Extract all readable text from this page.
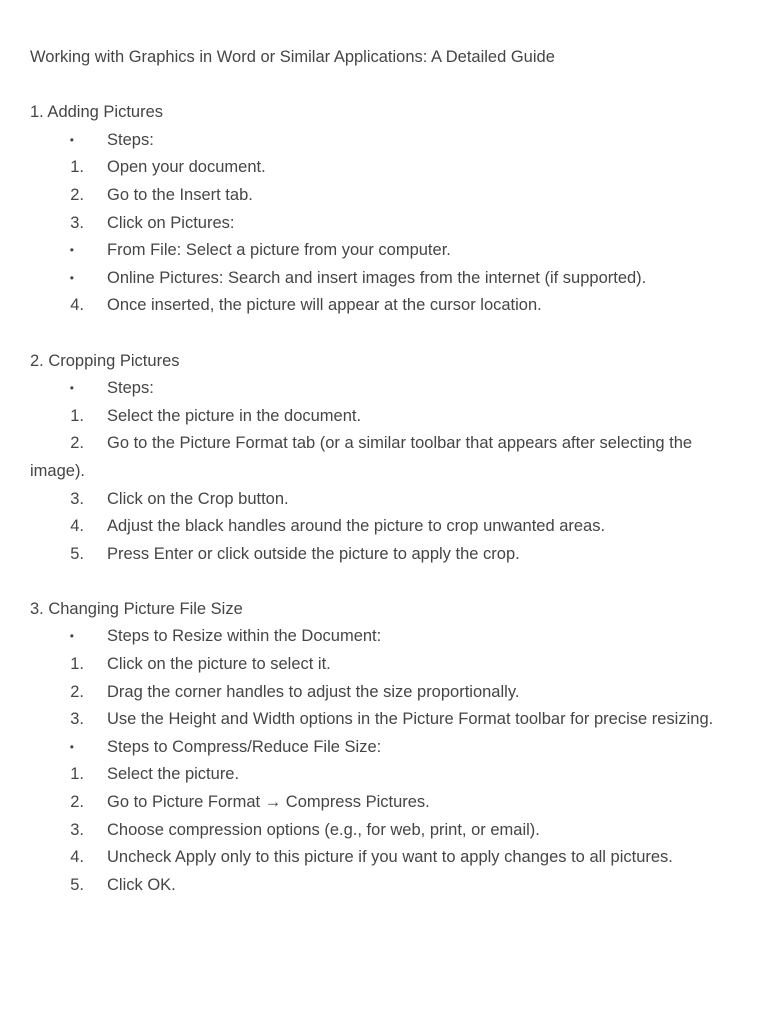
Working with Graphics in Word or Similar Applications: A Detailed Guide
1. Adding Pictures
• Steps:
1. Open your document.
2. Go to the Insert tab.
3. Click on Pictures:
• From File: Select a picture from your computer.
• Online Pictures: Search and insert images from the internet (if supported).
4. Once inserted, the picture will appear at the cursor location.
2. Cropping Pictures
• Steps:
1. Select the picture in the document.
2.	Go to the Picture Format tab (or a similar toolbar that appears after selecting the image).
3. Click on the Crop button.
4. Adjust the black handles around the picture to crop unwanted areas.
5. Press Enter or click outside the picture to apply the crop.
3. Changing Picture File Size
• Steps to Resize within the Document:
1. Click on the picture to select it.
2. Drag the corner handles to adjust the size proportionally.
3.	Use the Height and Width options in the Picture Format toolbar for precise resizing.
• Steps to Compress/Reduce File Size:
1. Select the picture.
2. Go to Picture Format → Compress Pictures.
3. Choose compression options (e.g., for web, print, or email).
4.	Uncheck Apply only to this picture if you want to apply changes to all pictures.
5. Click OK.
